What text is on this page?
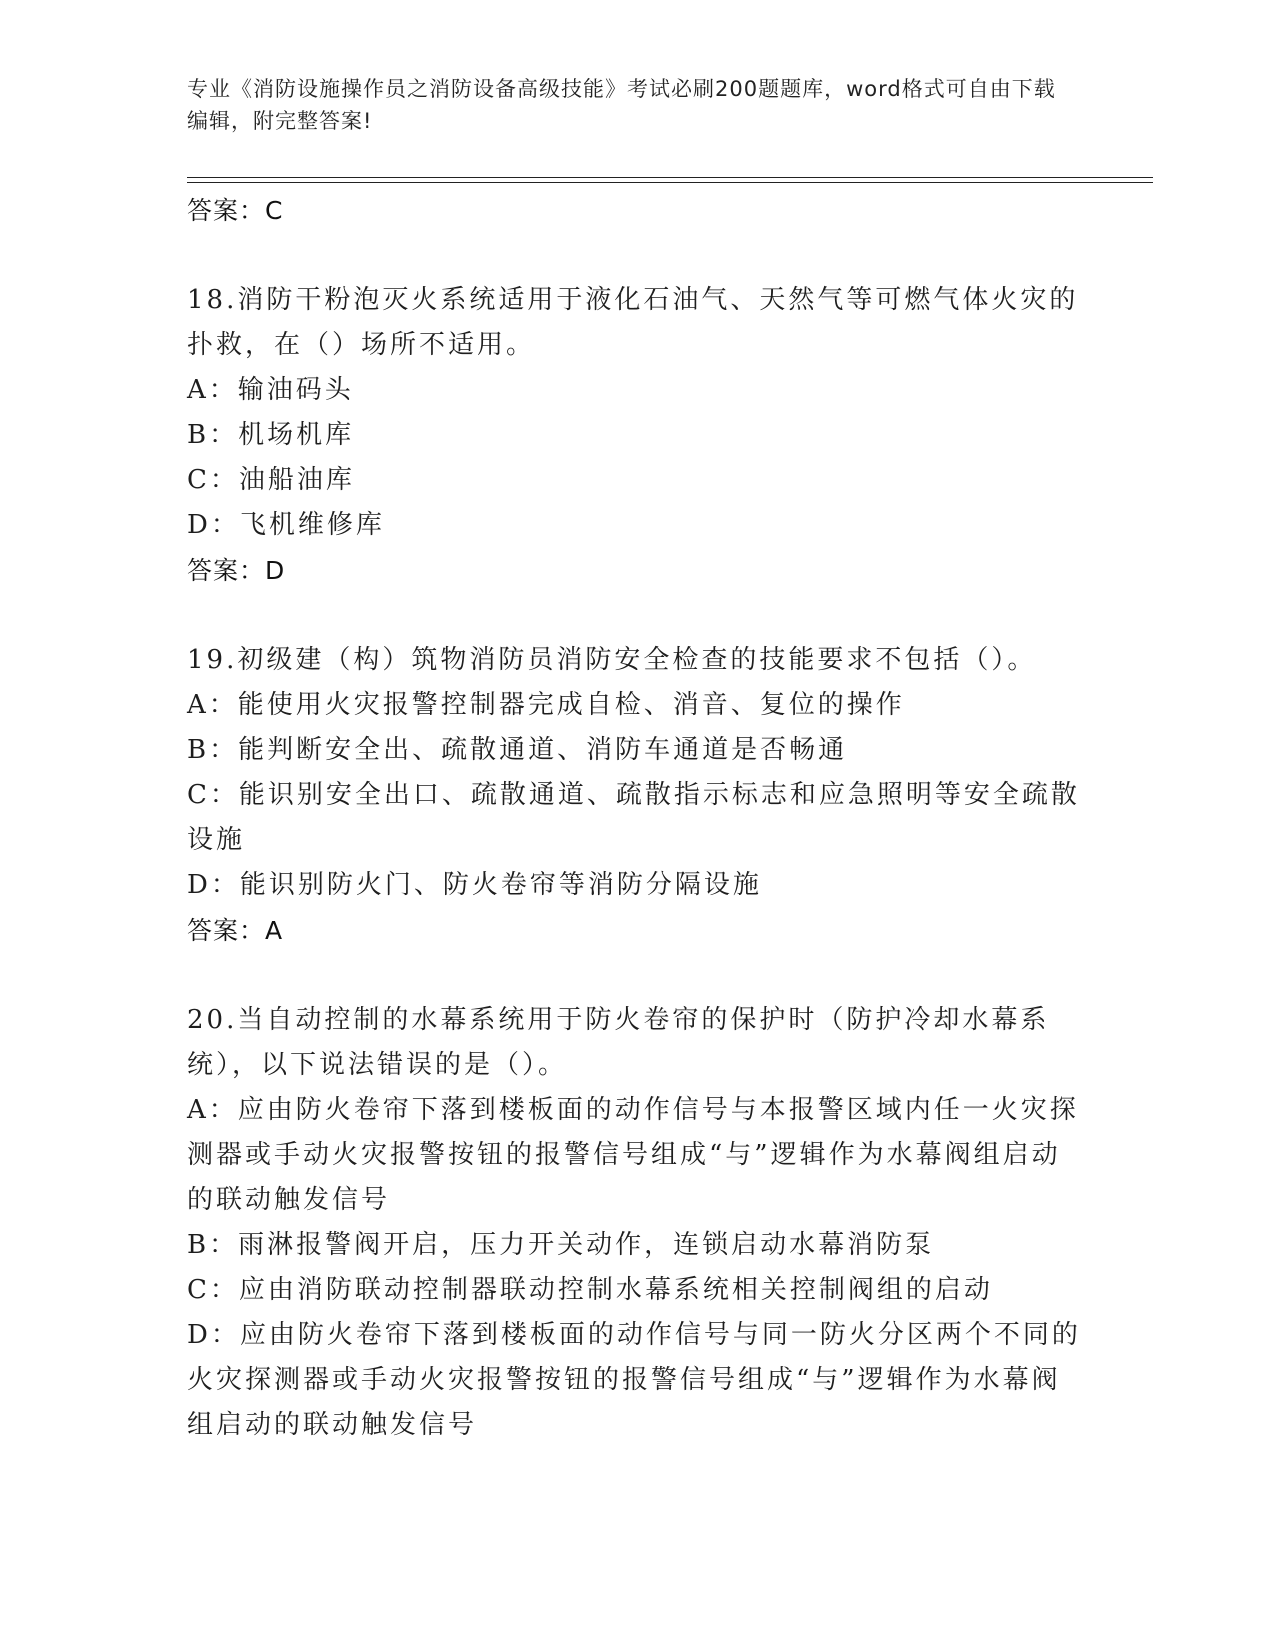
专业《消防设施操作员之消防设备高级技能》考试必刷200题题库，word格式可自由下载编辑，附完整答案!
答案：C
18.消防干粉泡灭火系统适用于液化石油气、天然气等可燃气体火灾的扑救，在（）场所不适用。
A：输油码头
B：机场机库
C：油船油库
D：飞机维修库
答案：D
19.初级建（构）筑物消防员消防安全检查的技能要求不包括（）。
A：能使用火灾报警控制器完成自检、消音、复位的操作
B：能判断安全出、疏散通道、消防车通道是否畅通
C：能识别安全出口、疏散通道、疏散指示标志和应急照明等安全疏散设施
D：能识别防火门、防火卷帘等消防分隔设施
答案：A
20.当自动控制的水幕系统用于防火卷帘的保护时（防护冷却水幕系统），以下说法错误的是（）。
A：应由防火卷帘下落到楼板面的动作信号与本报警区域内任一火灾探测器或手动火灾报警按钮的报警信号组成“与”逻辑作为水幕阀组启动的联动触发信号
B：雨淋报警阀开启，压力开关动作，连锁启动水幕消防泵
C：应由消防联动控制器联动控制水幕系统相关控制阀组的启动
D：应由防火卷帘下落到楼板面的动作信号与同一防火分区两个不同的火灾探测器或手动火灾报警按钮的报警信号组成“与”逻辑作为水幕阀组启动的联动触发信号
